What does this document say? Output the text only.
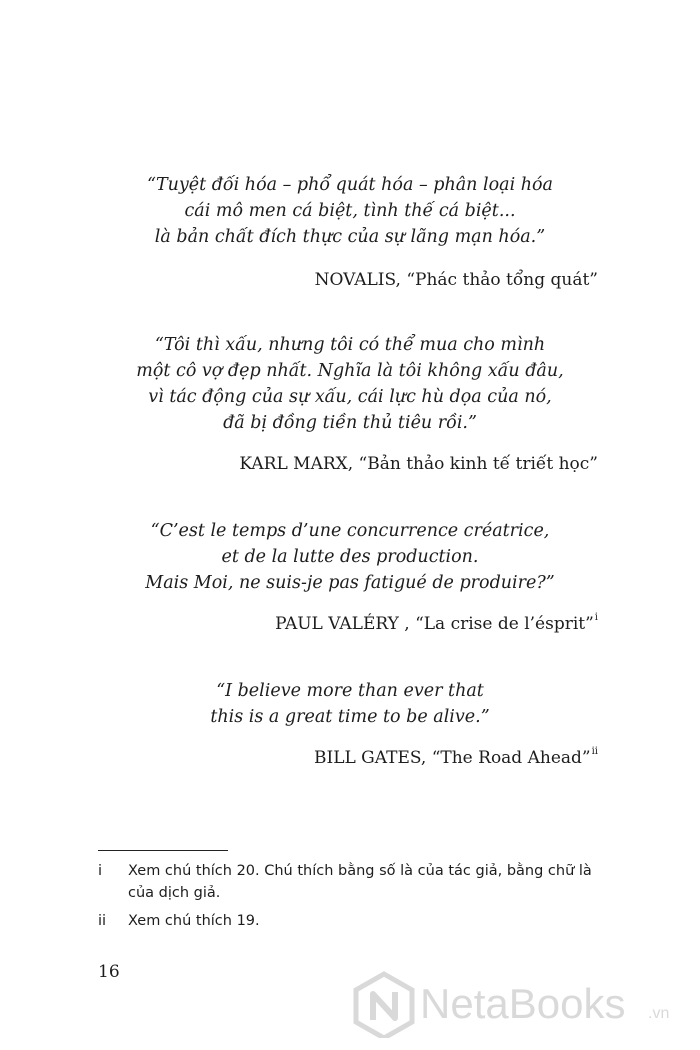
“Tuyệt đối hóa – phổ quát hóa – phân loại hóa
cái mô men cá biệt, tình thế cá biệt...
là bản chất đích thực của sự lãng mạn hóa.”

NOVALIS, “Phác thảo tổng quát”

“Tôi thì xấu, nhưng tôi có thể mua cho mình
một cô vợ đẹp nhất. Nghĩa là tôi không xấu đâu,
vì tác động của sự xấu, cái lực hù dọa của nó,
đã bị đồng tiền thủ tiêu rồi.”

KARL MARX, “Bản thảo kinh tế triết học”

“C’est le temps d’une concurrence créatrice,
et de la lutte des production.
Mais Moi, ne suis-je pas fatigué de produire?”

PAUL VALÉRY , “La crise de l’ésprit”$^i$

“I believe more than ever that
this is a great time to be alive.”

BILL GATES, “The Road Ahead”$^{ii}$

i	Xem chú thích 20. Chú thích bằng số là của tác giả, bằng chữ là của dịch giả.
ii	Xem chú thích 19.
16
NetaBooks .vn
